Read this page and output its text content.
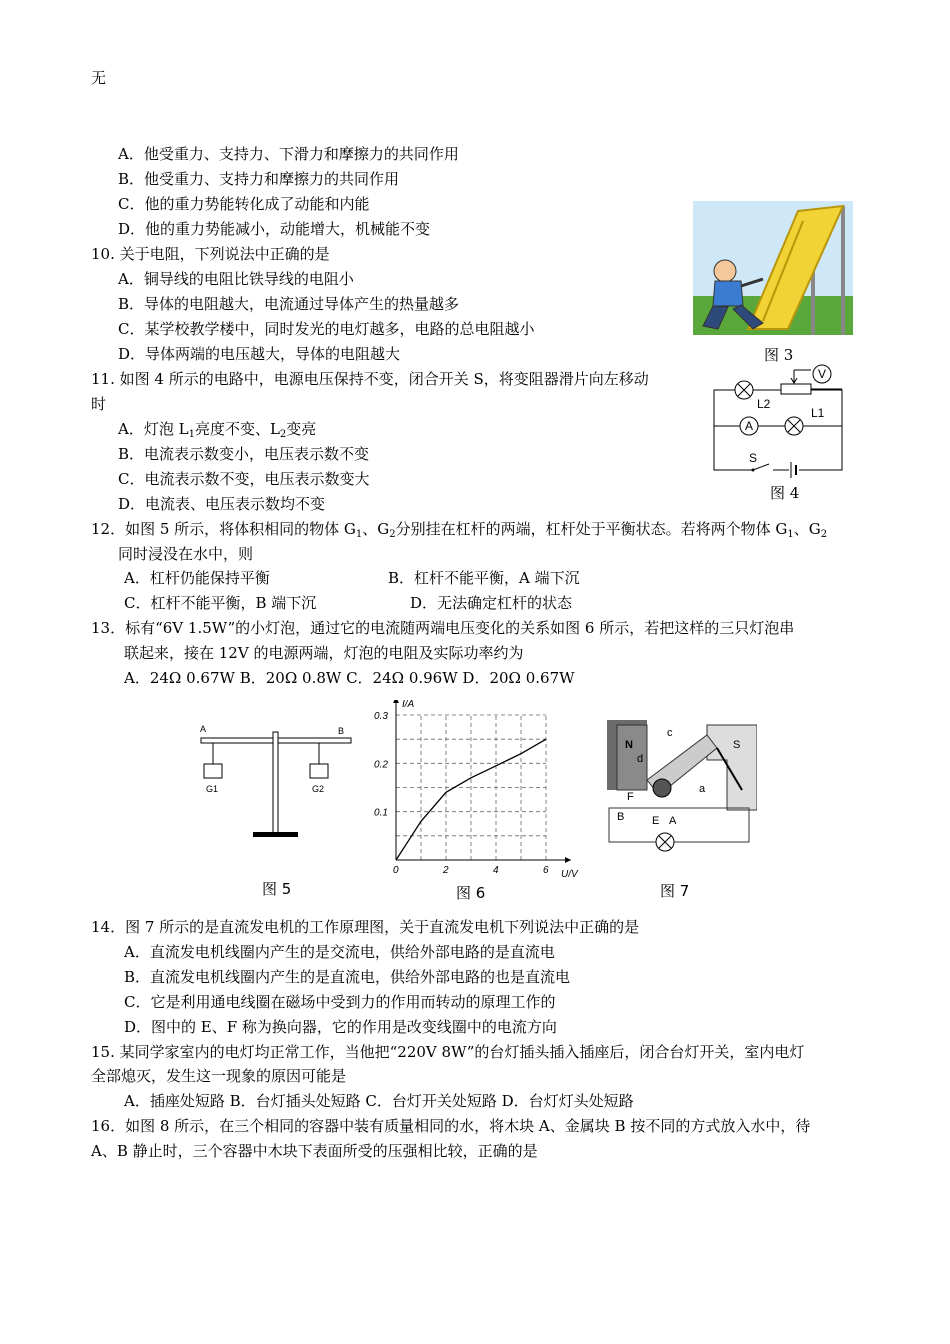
无
A．他受重力、支持力、下滑力和摩擦力的共同作用
B．他受重力、支持力和摩擦力的共同作用
C．他的重力势能转化成了动能和内能
D．他的重力势能减小，动能增大，机械能不变
10. 关于电阻，下列说法中正确的是
A．铜导线的电阻比铁导线的电阻小
B．导体的电阻越大，电流通过导体产生的热量越多
C．某学校教学楼中，同时发光的电灯越多，电路的总电阻越小
D．导体两端的电压越大，导体的电阻越大
11. 如图 4 所示的电路中，电源电压保持不变，闭合开关 S，将变阻器滑片向左移动
时
A．灯泡 $L_1$亮度不变、$L_2$变亮
B．电流表示数变小，电压表示数不变
C．电流表示数不变，电压表示数变大
D．电流表、电压表示数均不变
12．如图 5 所示，将体积相同的物体 $G_1$、$G_2$分别挂在杠杆的两端，杠杆处于平衡状态。若将两个物体 $G_1$、$G_2$
同时浸没在水中，则
A．杠杆仍能保持平衡	B．杠杆不能平衡，A 端下沉
C．杠杆不能平衡，B 端下沉	D．无法确定杠杆的状态
13．标有“6V 1.5W”的小灯泡，通过它的电流随两端电压变化的关系如图 6 所示，若把这样的三只灯泡串
联起来，接在 12V 的电源两端，灯泡的电阻及实际功率约为
A．24Ω 0.67W B．20Ω 0.8W C．24Ω 0.96W D．20Ω 0.67W
14．图 7 所示的是直流发电机的工作原理图，关于直流发电机下列说法中正确的是
A．直流发电机线圈内产生的是交流电，供给外部电路的是直流电
B．直流发电机线圈内产生的是直流电，供给外部电路的也是直流电
C．它是利用通电线圈在磁场中受到力的作用而转动的原理工作的
D．图中的 E、F 称为换向器，它的作用是改变线圈中的电流方向
15. 某同学家室内的电灯均正常工作，当他把“220V 8W”的台灯插头插入插座后，闭合台灯开关，室内电灯
全部熄灭，发生这一现象的原因可能是
A．插座处短路 B．台灯插头处短路 C．台灯开关处短路 D．台灯灯头处短路
16．如图 8 所示，在三个相同的容器中装有质量相同的水，将木块 A、金属块 B 按不同的方式放入水中，待
A、B 静止时，三个容器中木块下表面所受的压强相比较，正确的是
图 3
V
L2
A
L1
S
图 4
A	B
G1	G2
图 5
0	2	4	6
0.1
0.2
0.3
U/V
I/A
图 6
N
d
S
c
a
F
E
B	A
图 7
